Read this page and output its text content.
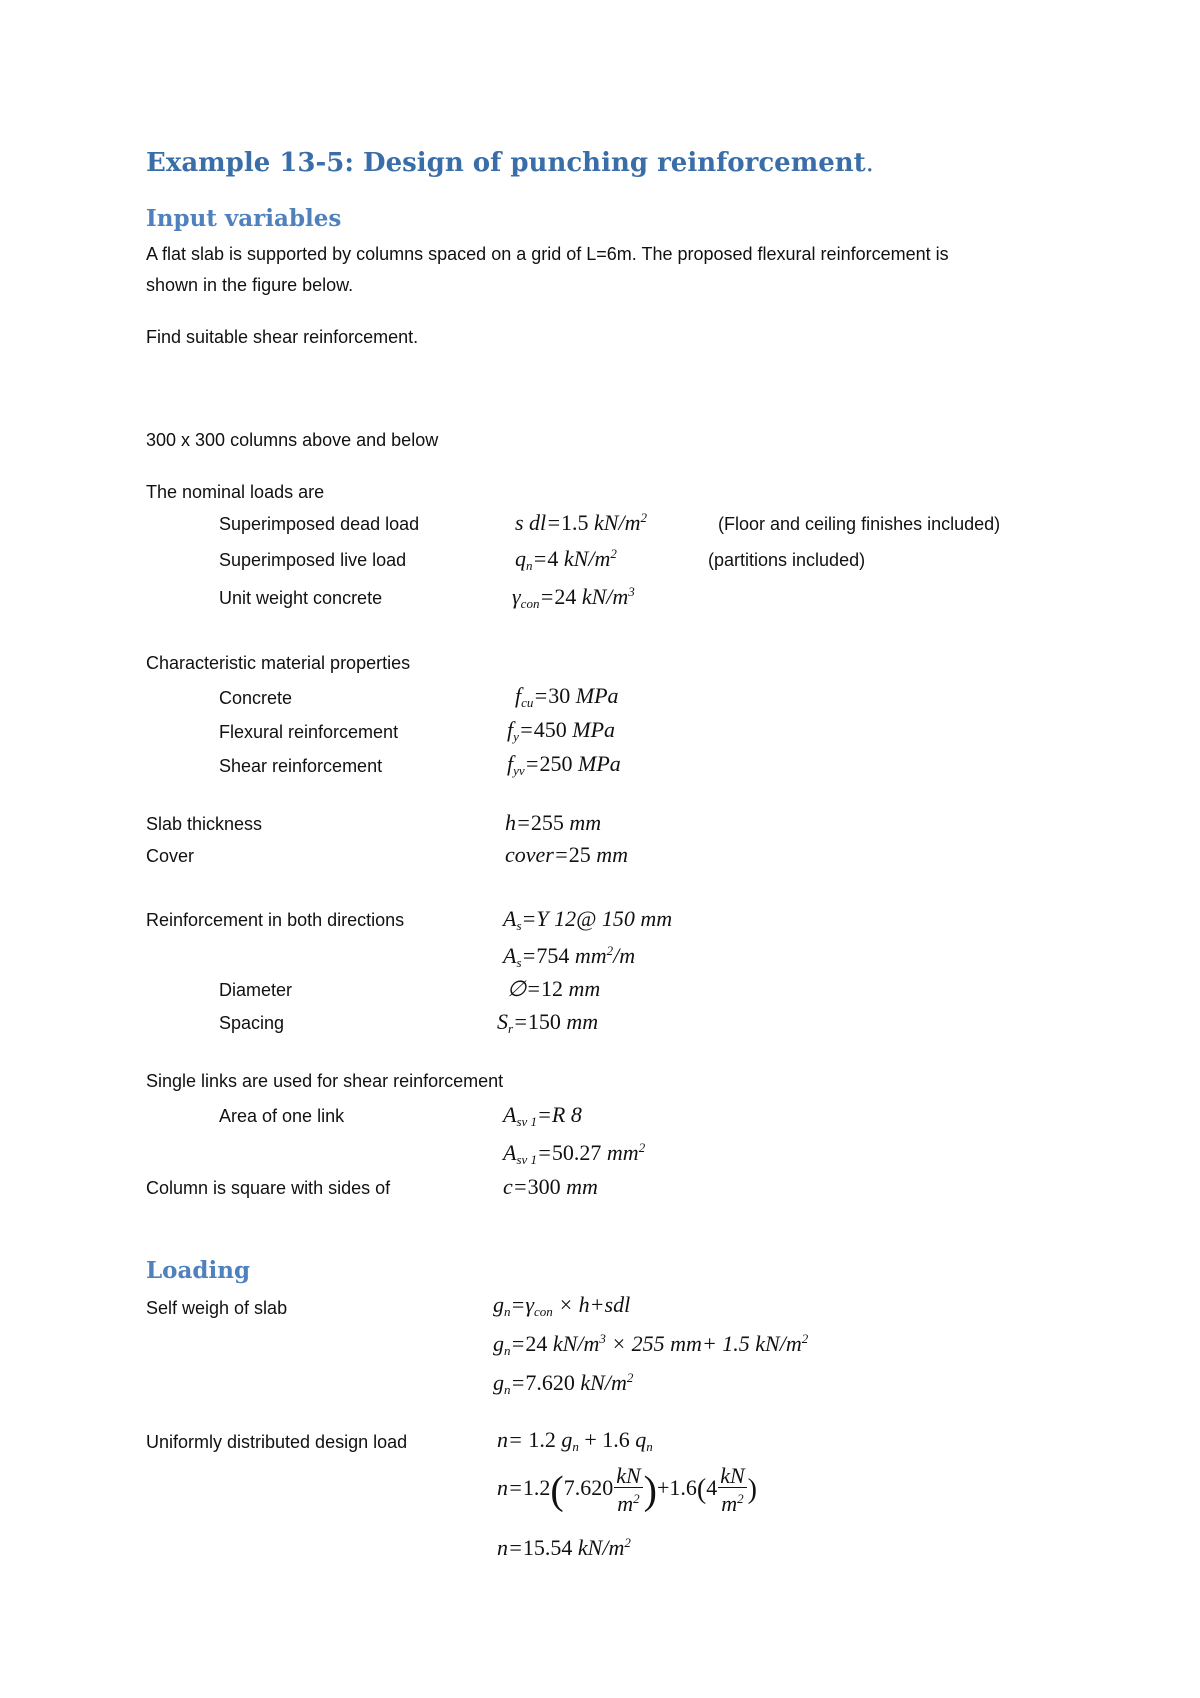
Example 13-5: Design of punching reinforcement.
Input variables
A flat slab is supported by columns spaced on a grid of L=6m. The proposed flexural reinforcement is
shown in the figure below.
Find suitable shear reinforcement.
300 x 300 columns above and below
The nominal loads are
Superimposed dead load	s dl=1.5 $kN/m^2$	(Floor and ceiling finishes included)
Superimposed live load	$q_n=4$ $kN/m^2$	(partitions included)
Unit weight concrete	$\gamma_{con}=24$ $kN/m^3$
Characteristic material properties
Concrete	$f_{cu}=30$ MPa
Flexural reinforcement	$f_y=450$ MPa
Shear reinforcement	$f_{yv}=250$ MPa
Slab thickness	h=255 mm
Cover	cover=25 mm
Reinforcement in both directions	$A_s=Y$ 12@ 150 mm
$A_s=754$ $mm^2/m$
Diameter	∅=12 mm
Spacing	$S_r=150$ mm
Single links are used for shear reinforcement
Area of one link	$A_{sv 1}=R$ 8
$A_{sv 1}=50.27$ $mm^2$
Column is square with sides of	c=300 mm
Loading
Self weigh of slab	$g_n=\gamma_{con} \times h+sdl$
$g_n=24$ $kN/m^3 \times 255$ mm+ 1.5 $kN/m^2$
$g_n=7.620$ $kN/m^2$
Uniformly distributed design load	n= 1.2 $g_n + 1.6$ $q_n$
$n=1.2(7.620 \frac{kN}{m^2} )+1.6(4 \frac{kN}{m^2}$ )
n=15.54 $kN/m^2$
